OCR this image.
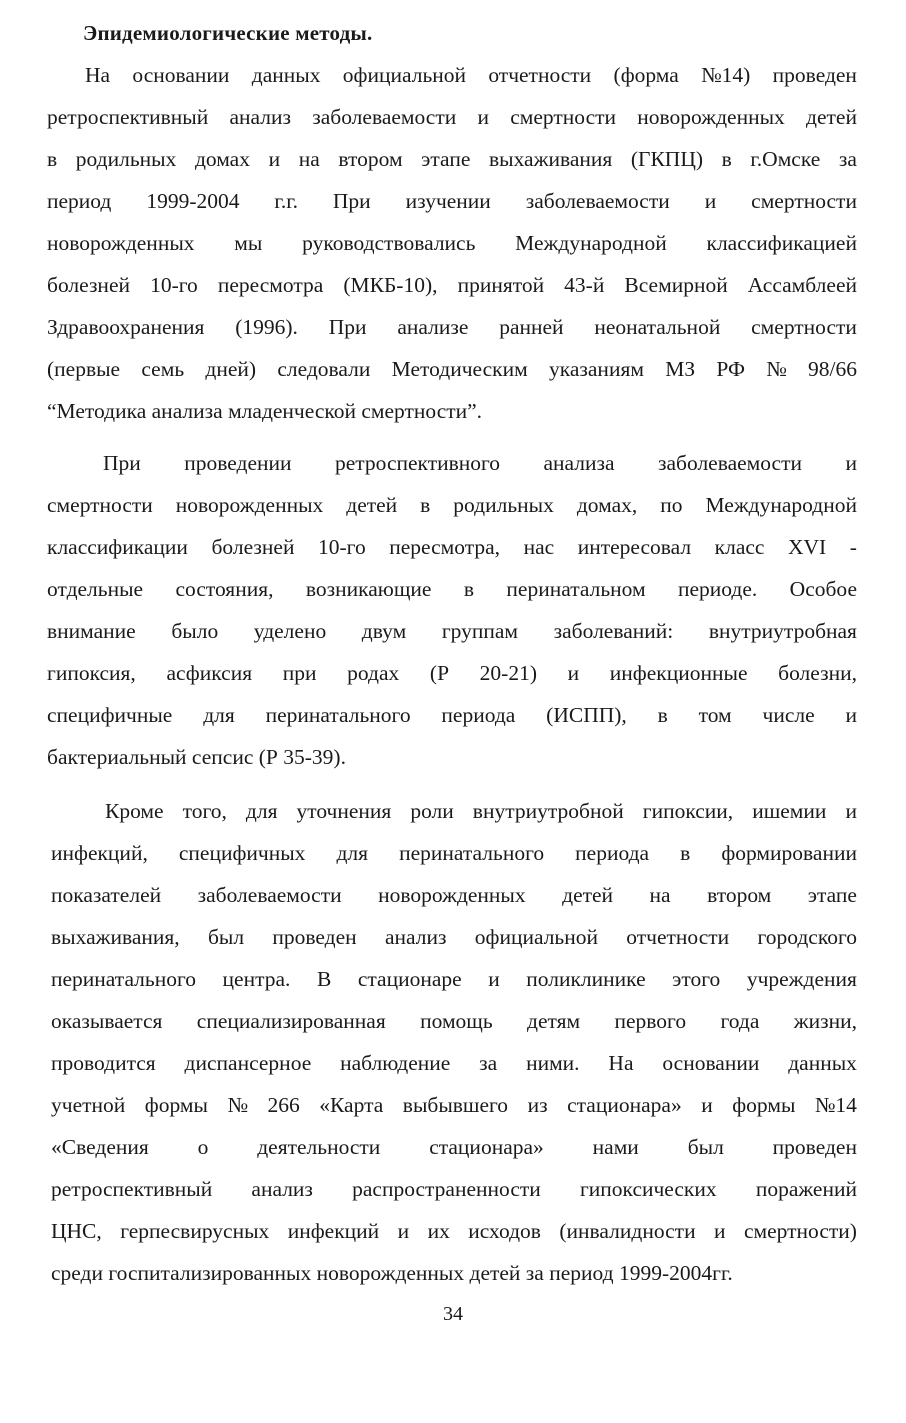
Эпидемиологические методы.
На основании данных официальной отчетности (форма №14) проведен
ретроспективный анализ заболеваемости и смертности новорожденных детей
в родильных домах и на втором этапе выхаживания (ГКПЦ) в г.Омске за
период 1999-2004 г.г. При изучении заболеваемости и смертности
новорожденных мы руководствовались Международной классификацией
болезней 10-го пересмотра (МКБ-10), принятой 43-й Всемирной Ассамблеей
Здравоохранения (1996). При анализе ранней неонатальной смертности
(первые семь дней) следовали Методическим указаниям МЗ РФ № 98/66
“Методика анализа младенческой смертности”.
При проведении ретроспективного анализа заболеваемости и
смертности новорожденных детей в родильных домах, по Международной
классификации болезней 10-го пересмотра, нас интересовал класс XVI -
отдельные состояния, возникающие в перинатальном периоде. Особое
внимание было уделено двум группам заболеваний: внутриутробная
гипоксия, асфиксия при родах (Р 20-21) и инфекционные болезни,
специфичные для перинатального периода (ИСПП), в том числе и
бактериальный сепсис (Р 35-39).
Кроме того, для уточнения роли внутриутробной гипоксии, ишемии и
инфекций, специфичных для перинатального периода в формировании
показателей заболеваемости новорожденных детей на втором этапе
выхаживания, был проведен анализ официальной отчетности городского
перинатального центра. В стационаре и поликлинике этого учреждения
оказывается специализированная помощь детям первого года жизни,
проводится диспансерное наблюдение за ними. На основании данных
учетной формы № 266 «Карта выбывшего из стационара» и формы №14
«Сведения о деятельности стационара» нами был проведен
ретроспективный анализ распространенности гипоксических поражений
ЦНС, герпесвирусных инфекций и их исходов (инвалидности и смертности)
среди госпитализированных новорожденных детей за период 1999-2004гг.
34
